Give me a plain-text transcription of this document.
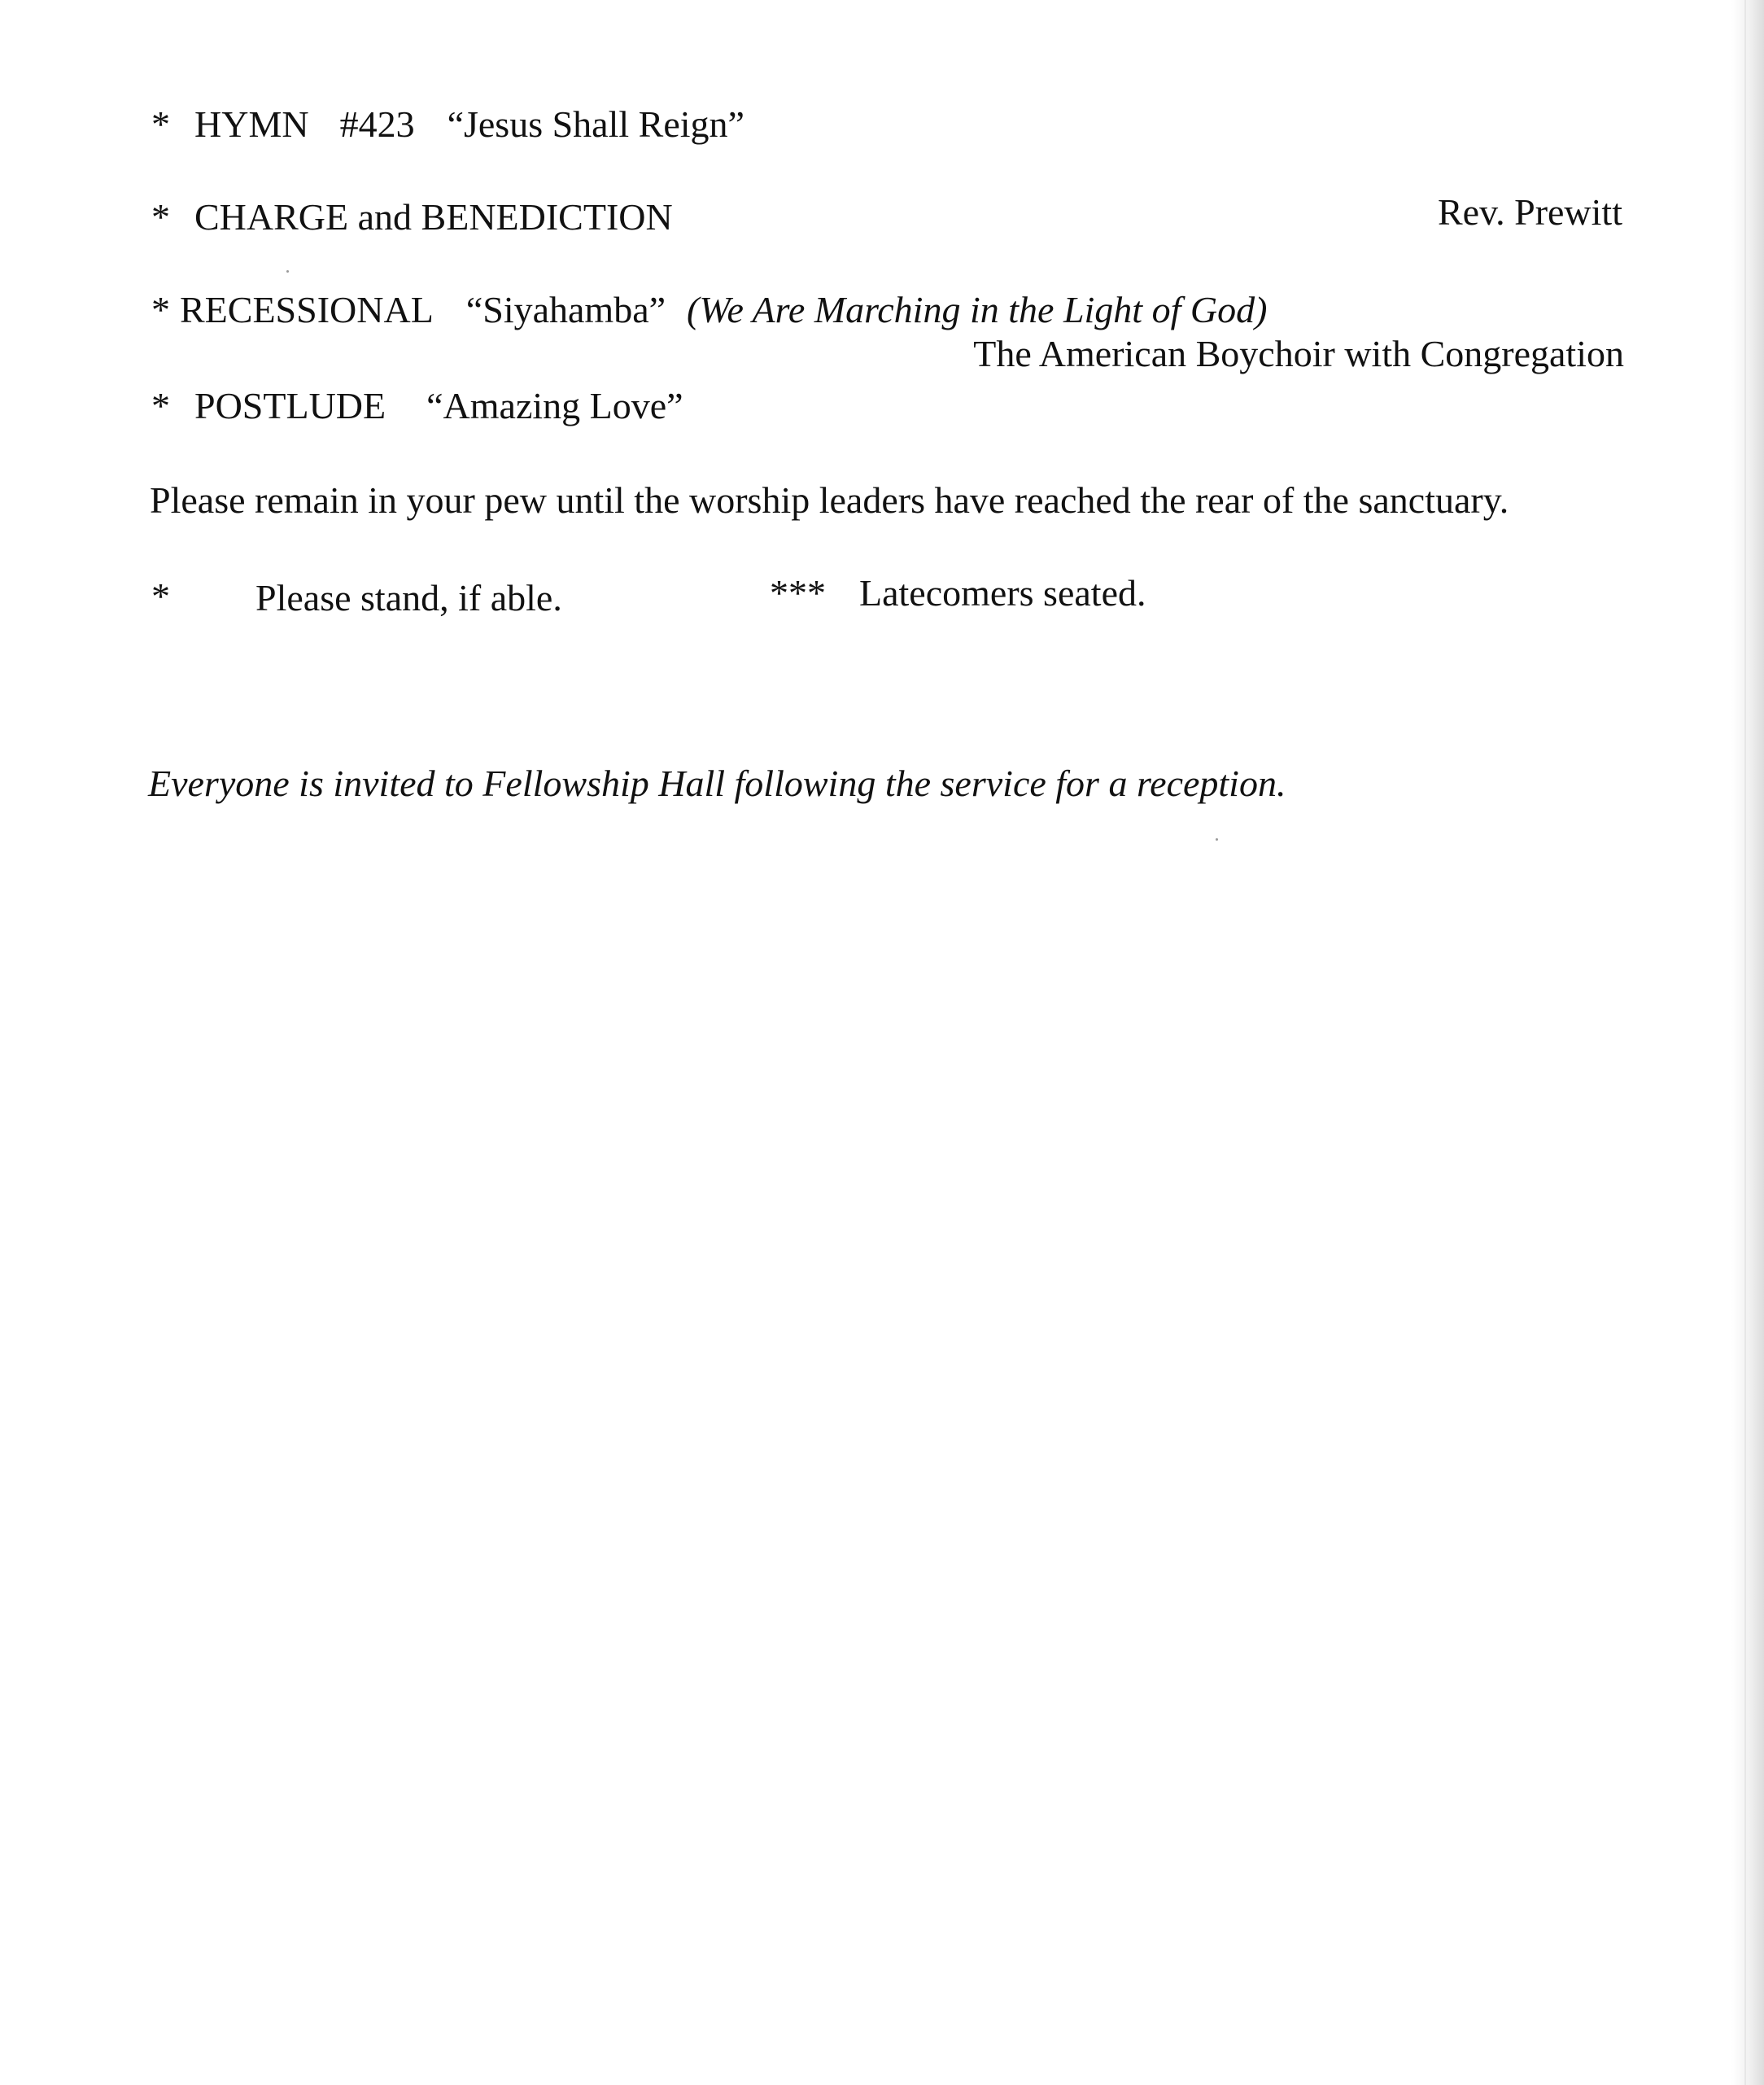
* HYMN #423 “Jesus Shall Reign”
* CHARGE and BENEDICTION	Rev. Prewitt
* RECESSIONAL “Siyahamba” (We Are Marching in the Light of God)
The American Boychoir with Congregation
* POSTLUDE “Amazing Love”
Please remain in your pew until the worship leaders have reached the rear of the sanctuary.
* Please stand, if able.	*** Latecomers seated.
Everyone is invited to Fellowship Hall following the service for a reception.
